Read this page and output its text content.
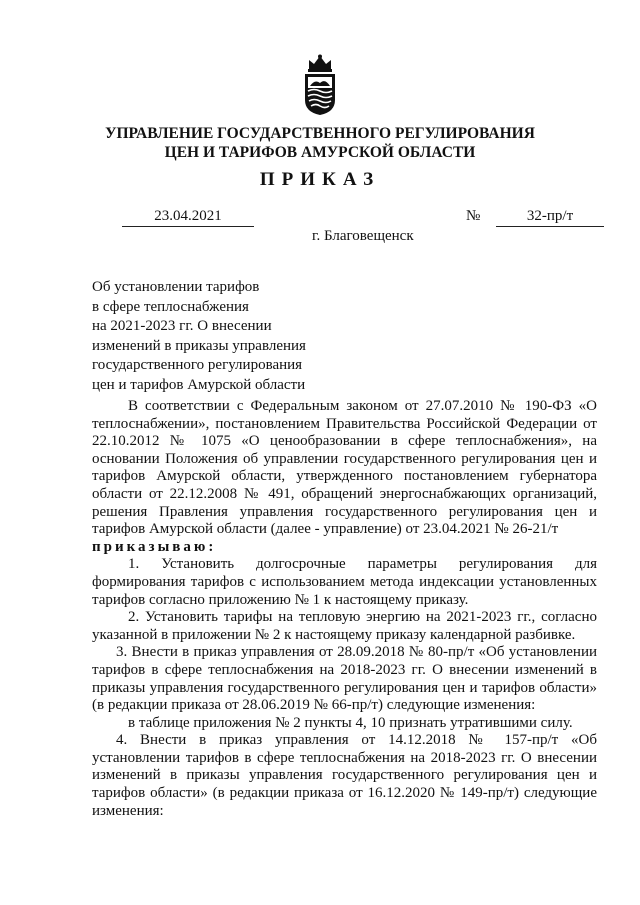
УПРАВЛЕНИЕ ГОСУДАРСТВЕННОГО РЕГУЛИРОВАНИЯ
ЦЕН И ТАРИФОВ АМУРСКОЙ ОБЛАСТИ
ПРИКАЗ
23.04.2021	№	32-пр/т
г. Благовещенск
Об установлении тарифов
в сфере теплоснабжения
на 2021-2023 гг. О внесении
изменений в приказы управления
государственного регулирования
цен и тарифов Амурской области
В соответствии с Федеральным законом от 27.07.2010 № 190-ФЗ «О теплоснабжении», постановлением Правительства Российской Федерации от 22.10.2012 № 1075 «О ценообразовании в сфере теплоснабжения», на основании Положения об управлении государственного регулирования цен и тарифов Амурской области, утвержденного постановлением губернатора области от 22.12.2008 № 491, обращений энергоснабжающих организаций, решения Правления управления государственного регулирования цен и тарифов Амурской области (далее - управление) от 23.04.2021 № 26-21/т
приказываю:
1. Установить долгосрочные параметры регулирования для формирования тарифов с использованием метода индексации установленных тарифов согласно приложению № 1 к настоящему приказу.
2. Установить тарифы на тепловую энергию на 2021-2023 гг., согласно указанной в приложении № 2 к настоящему приказу календарной разбивке.
3. Внести в приказ управления от 28.09.2018 № 80-пр/т «Об установлении тарифов в сфере теплоснабжения на 2018-2023 гг. О внесении изменений в приказы управления государственного регулирования цен и тарифов области» (в редакции приказа от 28.06.2019 № 66-пр/т) следующие изменения:
в таблице приложения № 2 пункты 4, 10 признать утратившими силу.
4. Внести в приказ управления от 14.12.2018 № 157-пр/т «Об установлении тарифов в сфере теплоснабжения на 2018-2023 гг. О внесении изменений в приказы управления государственного регулирования цен и тарифов области» (в редакции приказа от 16.12.2020 № 149-пр/т) следующие изменения:
